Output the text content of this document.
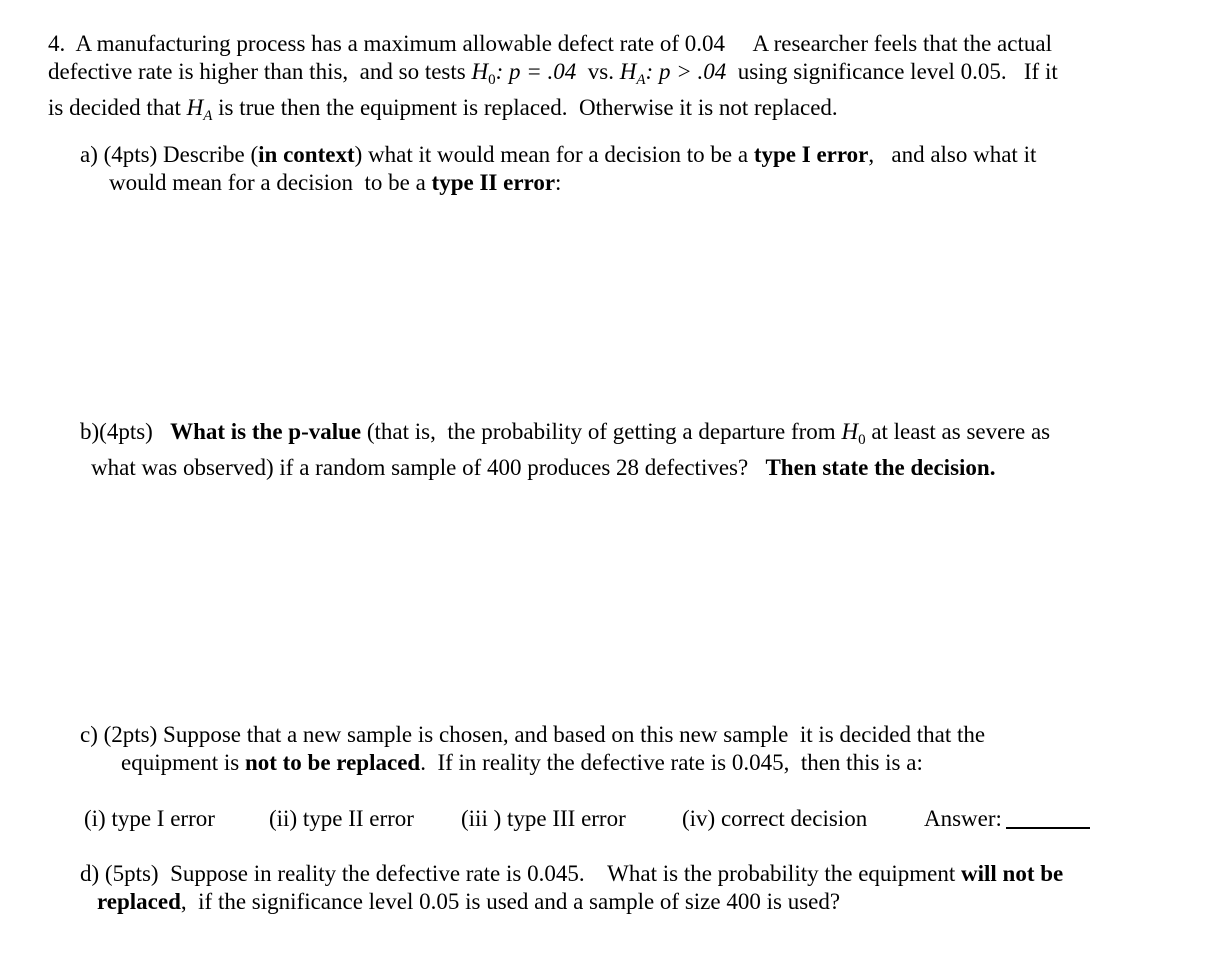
4.  A manufacturing process has a maximum allowable defect rate of 0.04     A researcher feels that the actual
defective rate is higher than this,  and so tests $H_0$: p = .04  vs. $H_A$: p > .04  using significance level 0.05.   If it
is decided that $H_A$ is true then the equipment is replaced.  Otherwise it is not replaced.
a) (4pts) Describe (in context) what it would mean for a decision to be a type I error,   and also what it
would mean for a decision  to be a type II error:
b)(4pts)   What is the p-value (that is,  the probability of getting a departure from $H_0$ at least as severe as
what was observed) if a random sample of 400 produces 28 defectives?   Then state the decision.
c) (2pts) Suppose that a new sample is chosen, and based on this new sample  it is decided that the
equipment is not to be replaced.  If in reality the defective rate is 0.045,  then this is a:
(i) type I error (ii) type II error (iii ) type III error (iv) correct decision Answer:
d) (5pts)  Suppose in reality the defective rate is 0.045.    What is the probability the equipment will not be
replaced,  if the significance level 0.05 is used and a sample of size 400 is used?
